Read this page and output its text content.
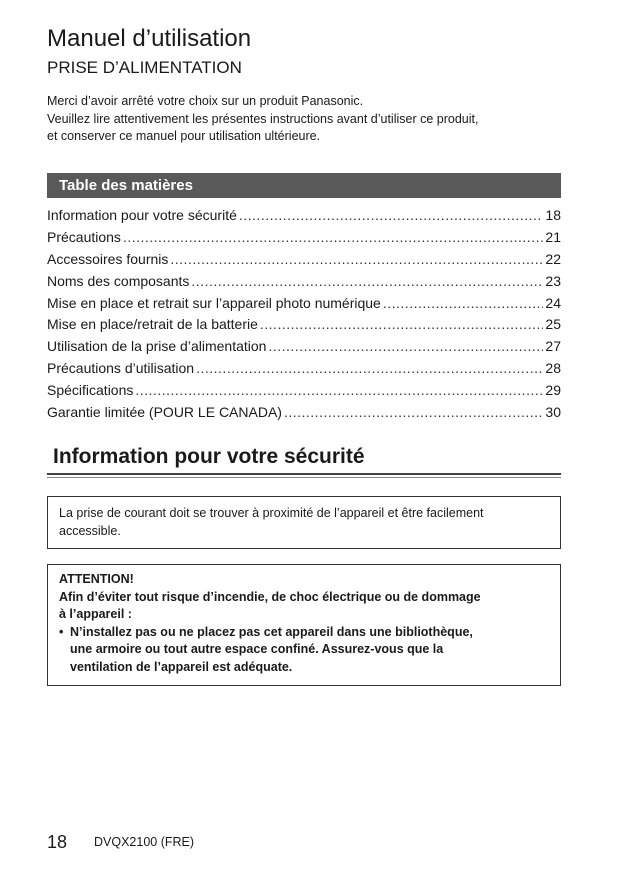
Manuel d’utilisation
PRISE D’ALIMENTATION
Merci d’avoir arrêté votre choix sur un produit Panasonic.
Veuillez lire attentivement les présentes instructions avant d’utiliser ce produit,
et conserver ce manuel pour utilisation ultérieure.
Table des matières
Information pour votre sécurité .....	18
Précautions .....	21
Accessoires fournis .....	22
Noms des composants .....	23
Mise en place et retrait sur l’appareil photo numérique .....	24
Mise en place/retrait de la batterie .....	25
Utilisation de la prise d’alimentation .....	27
Précautions d’utilisation .....	28
Spécifications .....	29
Garantie limitée (POUR LE CANADA) .....	30
Information pour votre sécurité
La prise de courant doit se trouver à proximité de l’appareil et être facilement
accessible.
ATTENTION!
Afin d’éviter tout risque d’incendie, de choc électrique ou de dommage
à l’appareil :
• N’installez pas ou ne placez pas cet appareil dans une bibliothèque,
une armoire ou tout autre espace confiné. Assurez-vous que la
ventilation de l’appareil est adéquate.
18 DVQX2100 (FRE)
